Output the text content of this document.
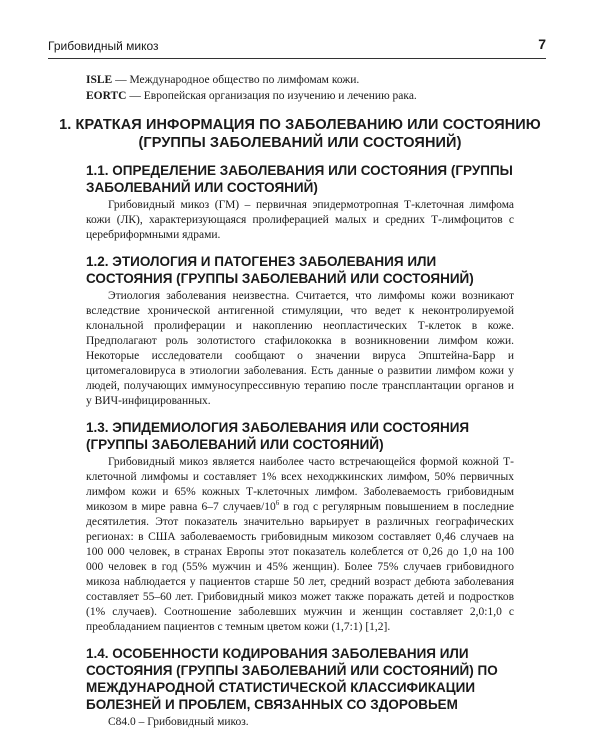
Грибовидный микоз	7

ISLE — Международное общество по лимфомам кожи.

EORTC — Европейская организация по изучению и лечению рака.

1. КРАТКАЯ ИНФОРМАЦИЯ ПО ЗАБОЛЕВАНИЮ ИЛИ СОСТОЯНИЮ (ГРУППЫ ЗАБОЛЕВАНИЙ ИЛИ СОСТОЯНИЙ)
1.1. ОПРЕДЕЛЕНИЕ ЗАБОЛЕВАНИЯ ИЛИ СОСТОЯНИЯ (ГРУППЫ ЗАБОЛЕВАНИЙ ИЛИ СОСТОЯНИЙ)

Грибовидный микоз (ГМ) – первичная эпидермотропная Т-клеточная лимфома кожи (ЛК), характеризующаяся пролиферацией малых и средних Т-лимфоцитов с церебриформными ядрами.

1.2. ЭТИОЛОГИЯ И ПАТОГЕНЕЗ ЗАБОЛЕВАНИЯ ИЛИ СОСТОЯНИЯ (ГРУППЫ ЗАБОЛЕВАНИЙ ИЛИ СОСТОЯНИЙ)

Этиология заболевания неизвестна. Считается, что лимфомы кожи возникают вследствие хронической антигенной стимуляции, что ведет к неконтролируемой клональной пролиферации и накоплению неопластических Т-клеток в коже. Предполагают роль золотистого стафилококка в возникновении лимфом кожи. Некоторые исследователи сообщают о значении вируса Эпштейна-Барр и цитомегаловируса в этиологии заболевания. Есть данные о развитии лимфом кожи у людей, получающих иммуносупрессивную терапию после трансплантации органов и у ВИЧ-инфицированных.

1.3. ЭПИДЕМИОЛОГИЯ ЗАБОЛЕВАНИЯ ИЛИ СОСТОЯНИЯ (ГРУППЫ ЗАБОЛЕВАНИЙ ИЛИ СОСТОЯНИЙ)

Грибовидный микоз является наиболее часто встречающейся формой кожной Т-клеточной лимфомы и составляет 1% всех неходжкинских лимфом, 50% первичных лимфом кожи и 65% кожных Т-клеточных лимфом. Заболеваемость грибовидным микозом в мире равна 6–7 случаев/$10^6$ в год с регулярным повышением в последние десятилетия. Этот показатель значительно варьирует в различных географических регионах: в США заболеваемость грибовидным микозом составляет 0,46 случаев на 100 000 человек, в странах Европы этот показатель колеблется от 0,26 до 1,0 на 100 000 человек в год (55% мужчин и 45% женщин). Более 75% случаев грибовидного микоза наблюдается у пациентов старше 50 лет, средний возраст дебюта заболевания составляет 55–60 лет. Грибовидный микоз может также поражать детей и подростков (1% случаев). Соотношение заболевших мужчин и женщин составляет 2,0:1,0 с преобладанием пациентов с темным цветом кожи (1,7:1) [1,2].

1.4. ОСОБЕННОСТИ КОДИРОВАНИЯ ЗАБОЛЕВАНИЯ ИЛИ СОСТОЯНИЯ (ГРУППЫ ЗАБОЛЕВАНИЙ ИЛИ СОСТОЯНИЙ) ПО МЕЖДУНАРОДНОЙ СТАТИСТИЧЕСКОЙ КЛАССИФИКАЦИИ БОЛЕЗНЕЙ И ПРОБЛЕМ, СВЯЗАННЫХ СО ЗДОРОВЬЕМ

C84.0 – Грибовидный микоз.
